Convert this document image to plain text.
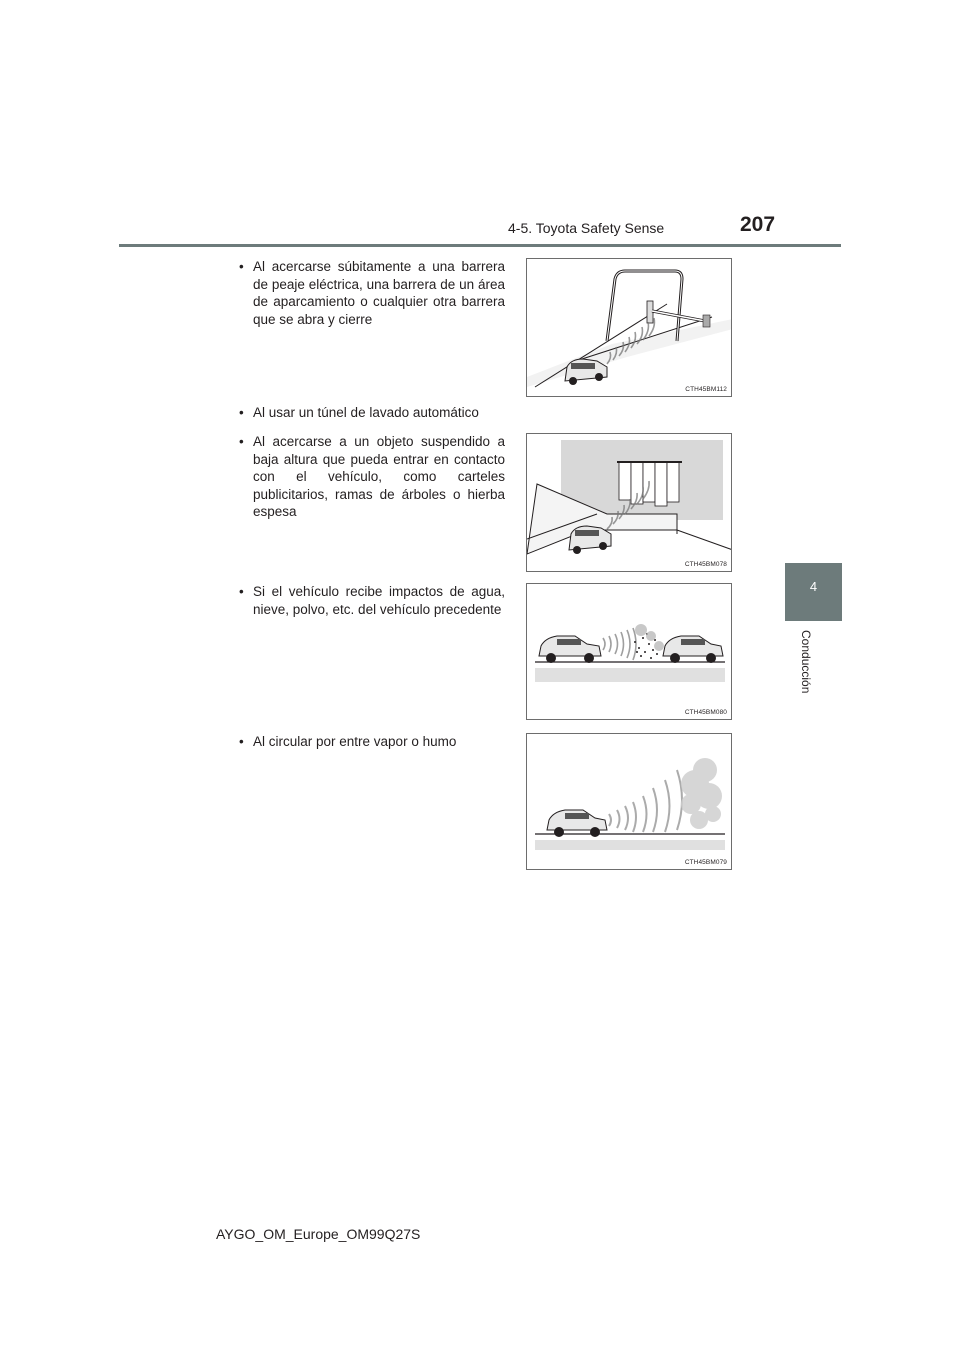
4-5. Toyota Safety Sense	207
4
Conducción
• Al acercarse súbitamente a una barrera de peaje eléctrica, una barrera de un área de aparcamiento o cualquier otra barrera que se abra y cierre
CTH45BM112
• Al usar un túnel de lavado automático
• Al acercarse a un objeto suspendido a baja altura que pueda entrar en contacto con el vehículo, como carteles publicitarios, ramas de árboles o hierba espesa
CTH45BM078
• Si el vehículo recibe impactos de agua, nieve, polvo, etc. del vehículo precedente
CTH45BM080
• Al circular por entre vapor o humo
CTH45BM079
AYGO_OM_Europe_OM99Q27S
